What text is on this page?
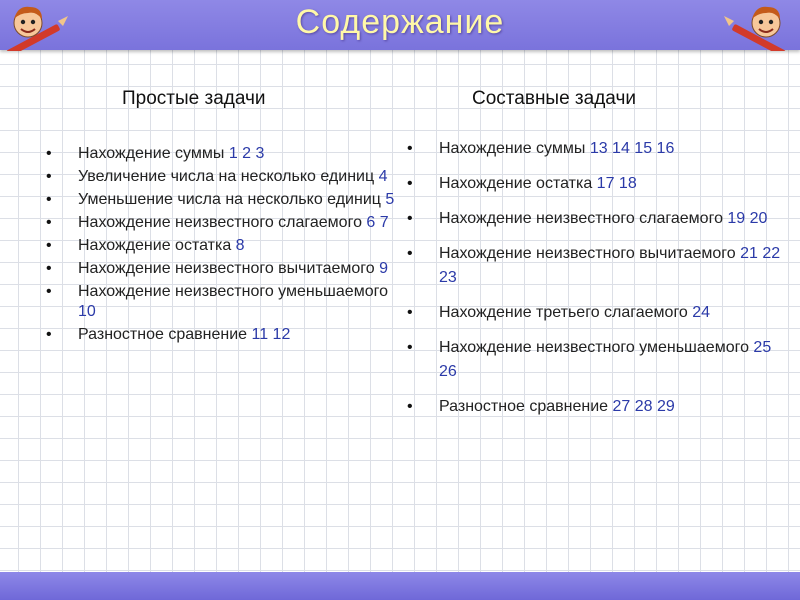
Содержание
Простые задачи	Составные задачи
• Нахождение суммы 1 2 3
• Увеличение числа на несколько единиц 4
• Уменьшение числа на несколько единиц 5
• Нахождение неизвестного слагаемого 6 7
• Нахождение остатка 8
• Нахождение неизвестного вычитаемого 9
• Нахождение неизвестного уменьшаемого 10
• Разностное сравнение 11 12
• Нахождение суммы 13 14 15 16
• Нахождение остатка 17 18
• Нахождение неизвестного слагаемого 19 20
• Нахождение неизвестного вычитаемого 21 22 23
• Нахождение третьего слагаемого 24
• Нахождение неизвестного уменьшаемого 25 26
• Разностное сравнение 27 28 29
